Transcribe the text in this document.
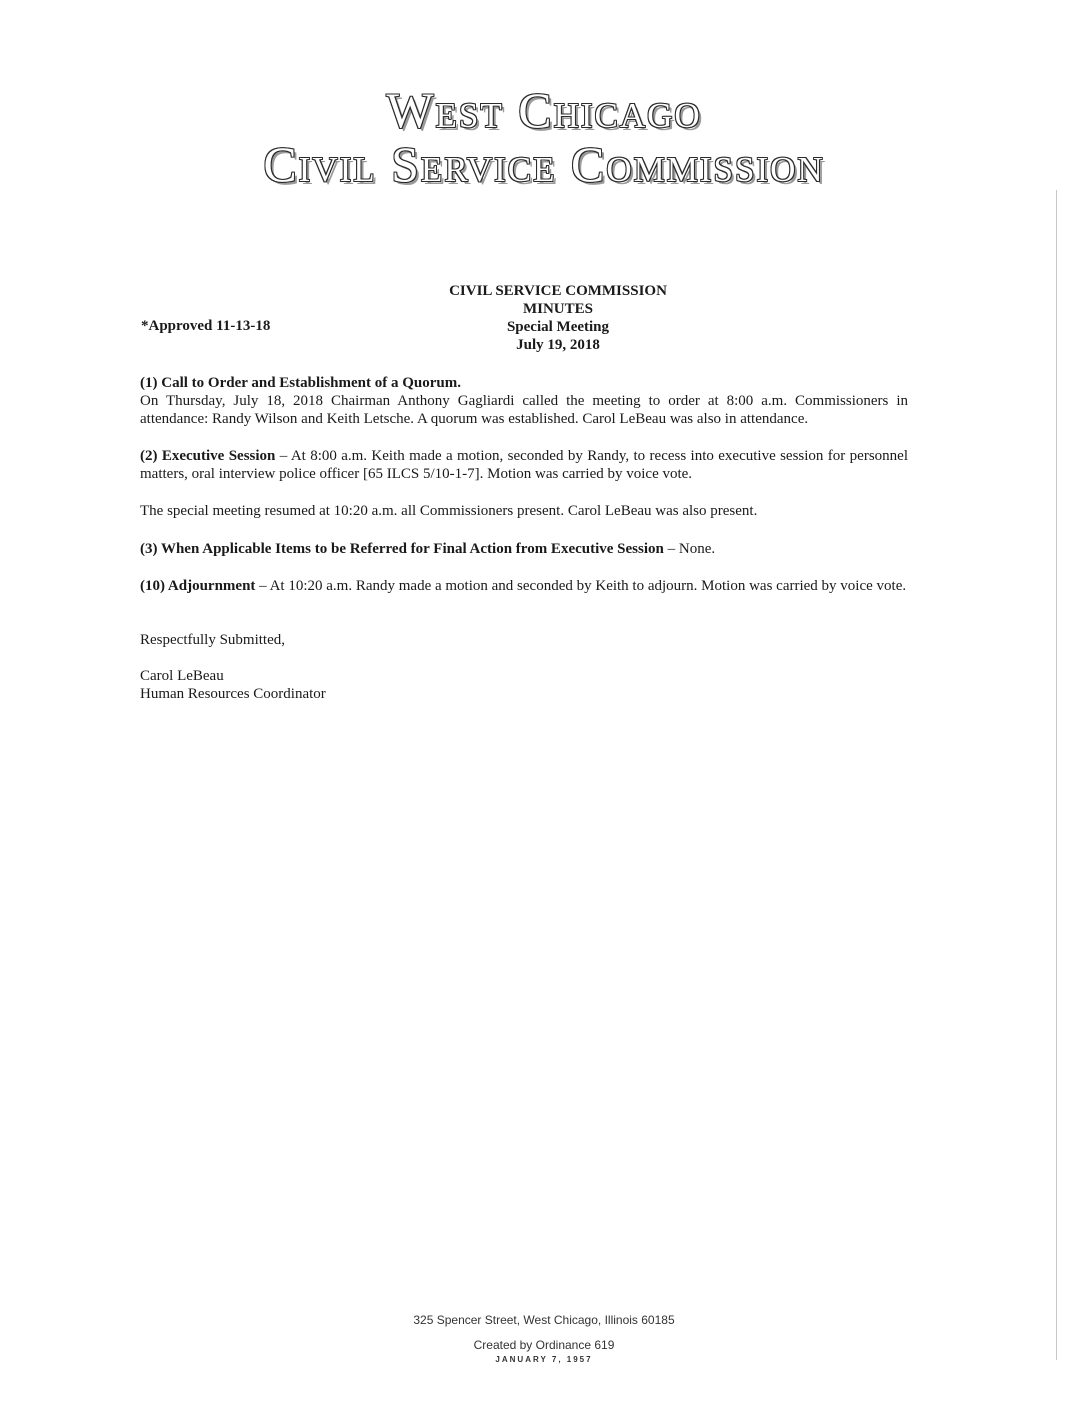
West Chicago
Civil Service Commission
CIVIL SERVICE COMMISSION
MINUTES
Special Meeting
July 19, 2018
*Approved 11-13-18
(1) Call to Order and Establishment of a Quorum.
On Thursday, July 18, 2018 Chairman Anthony Gagliardi called the meeting to order at 8:00 a.m. Commissioners in attendance: Randy Wilson and Keith Letsche. A quorum was established. Carol LeBeau was also in attendance.
(2) Executive Session – At 8:00 a.m. Keith made a motion, seconded by Randy, to recess into executive session for personnel matters, oral interview police officer [65 ILCS 5/10-1-7]. Motion was carried by voice vote.
The special meeting resumed at 10:20 a.m. all Commissioners present. Carol LeBeau was also present.
(3) When Applicable Items to be Referred for Final Action from Executive Session – None.
(10) Adjournment – At 10:20 a.m. Randy made a motion and seconded by Keith to adjourn. Motion was carried by voice vote.
Respectfully Submitted,
Carol LeBeau
Human Resources Coordinator
325 Spencer Street, West Chicago, Illinois 60185
Created by Ordinance 619
JANUARY 7, 1957
